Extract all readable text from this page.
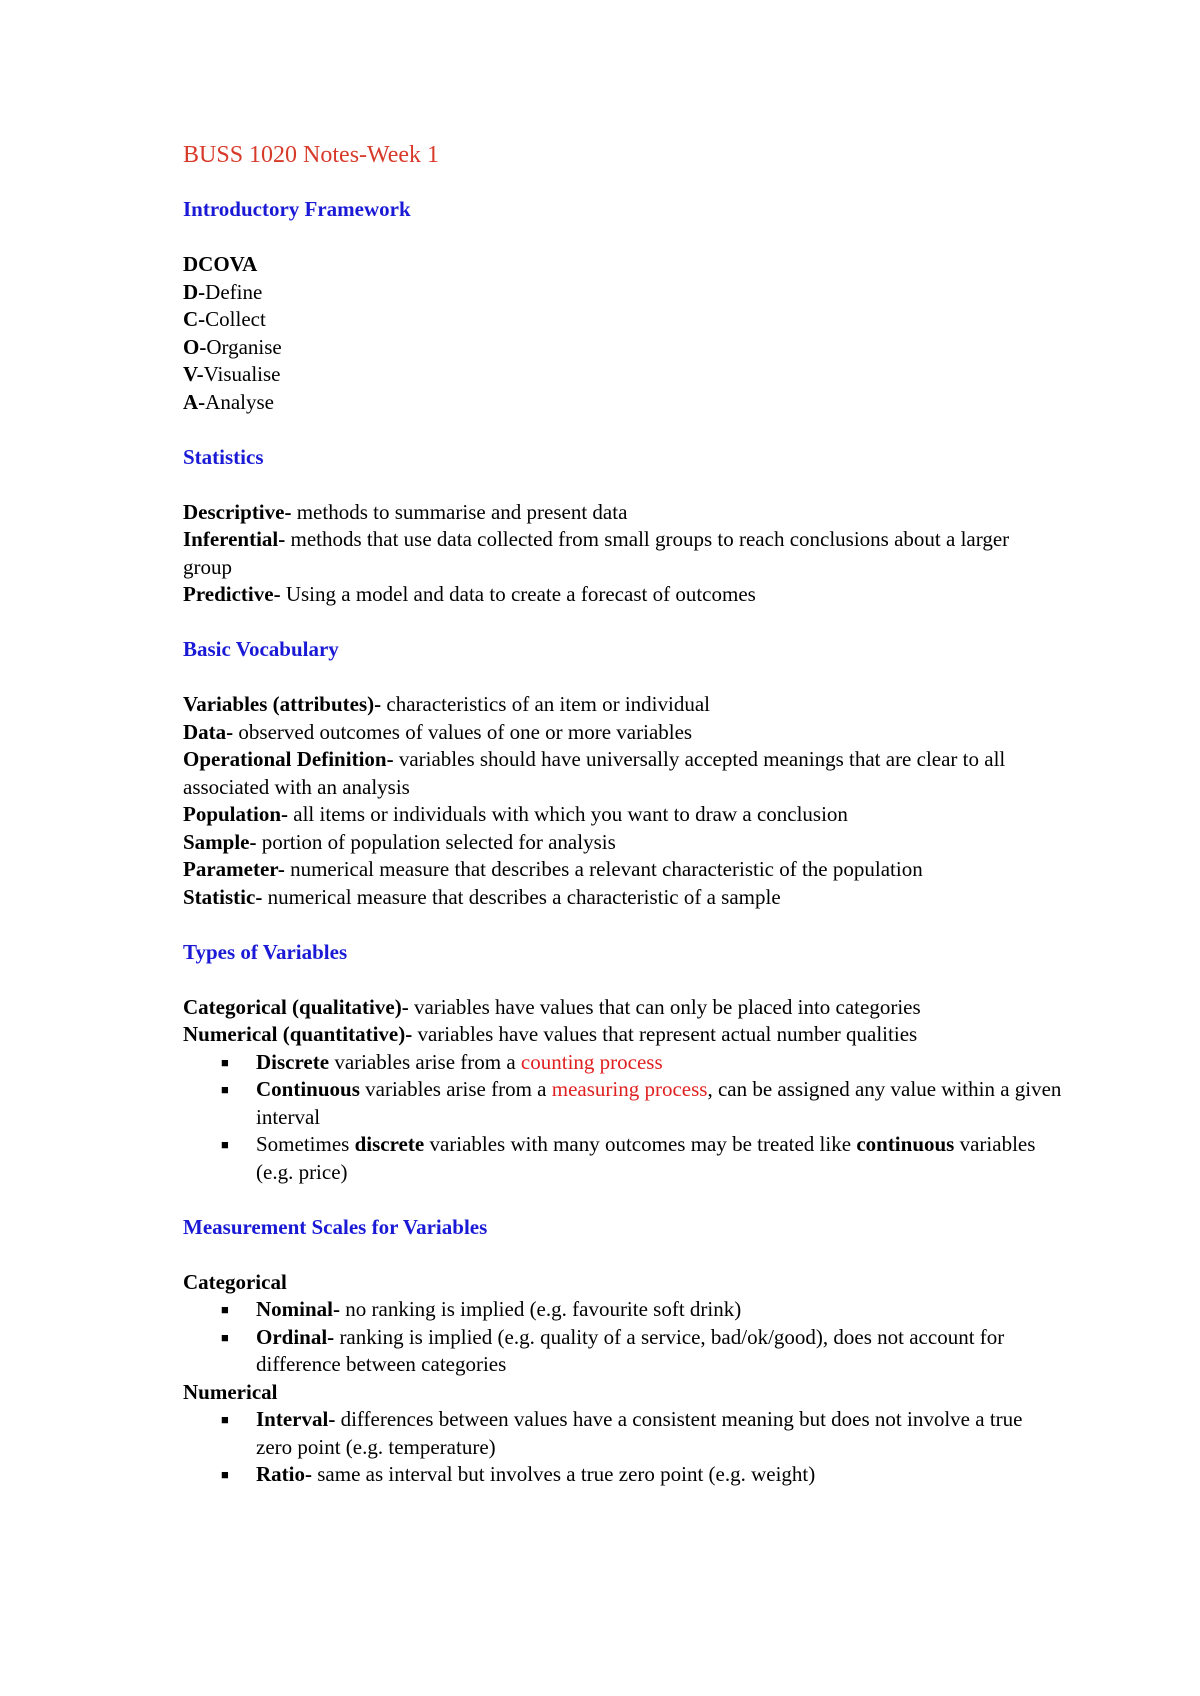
BUSS 1020 Notes-Week 1

Introductory Framework

DCOVA

D-Define

C-Collect

O-Organise

V-Visualise

A-Analyse

Statistics

Descriptive- methods to summarise and present data

Inferential- methods that use data collected from small groups to reach conclusions about a larger group

Predictive- Using a model and data to create a forecast of outcomes

Basic Vocabulary

Variables (attributes)- characteristics of an item or individual

Data- observed outcomes of values of one or more variables

Operational Definition- variables should have universally accepted meanings that are clear to all associated with an analysis

Population- all items or individuals with which you want to draw a conclusion

Sample- portion of population selected for analysis

Parameter- numerical measure that describes a relevant characteristic of the population

Statistic- numerical measure that describes a characteristic of a sample

Types of Variables

Categorical (qualitative)- variables have values that can only be placed into categories

Numerical (quantitative)- variables have values that represent actual number qualities

■ Discrete variables arise from a counting process
■ Continuous variables arise from a measuring process, can be assigned any value within a given interval
■ Sometimes discrete variables with many outcomes may be treated like continuous variables (e.g. price)

Measurement Scales for Variables

Categorical

■ Nominal- no ranking is implied (e.g. favourite soft drink)
■ Ordinal- ranking is implied (e.g. quality of a service, bad/ok/good), does not account for difference between categories

Numerical

■ Interval- differences between values have a consistent meaning but does not involve a true zero point (e.g. temperature)
■ Ratio- same as interval but involves a true zero point (e.g. weight)
